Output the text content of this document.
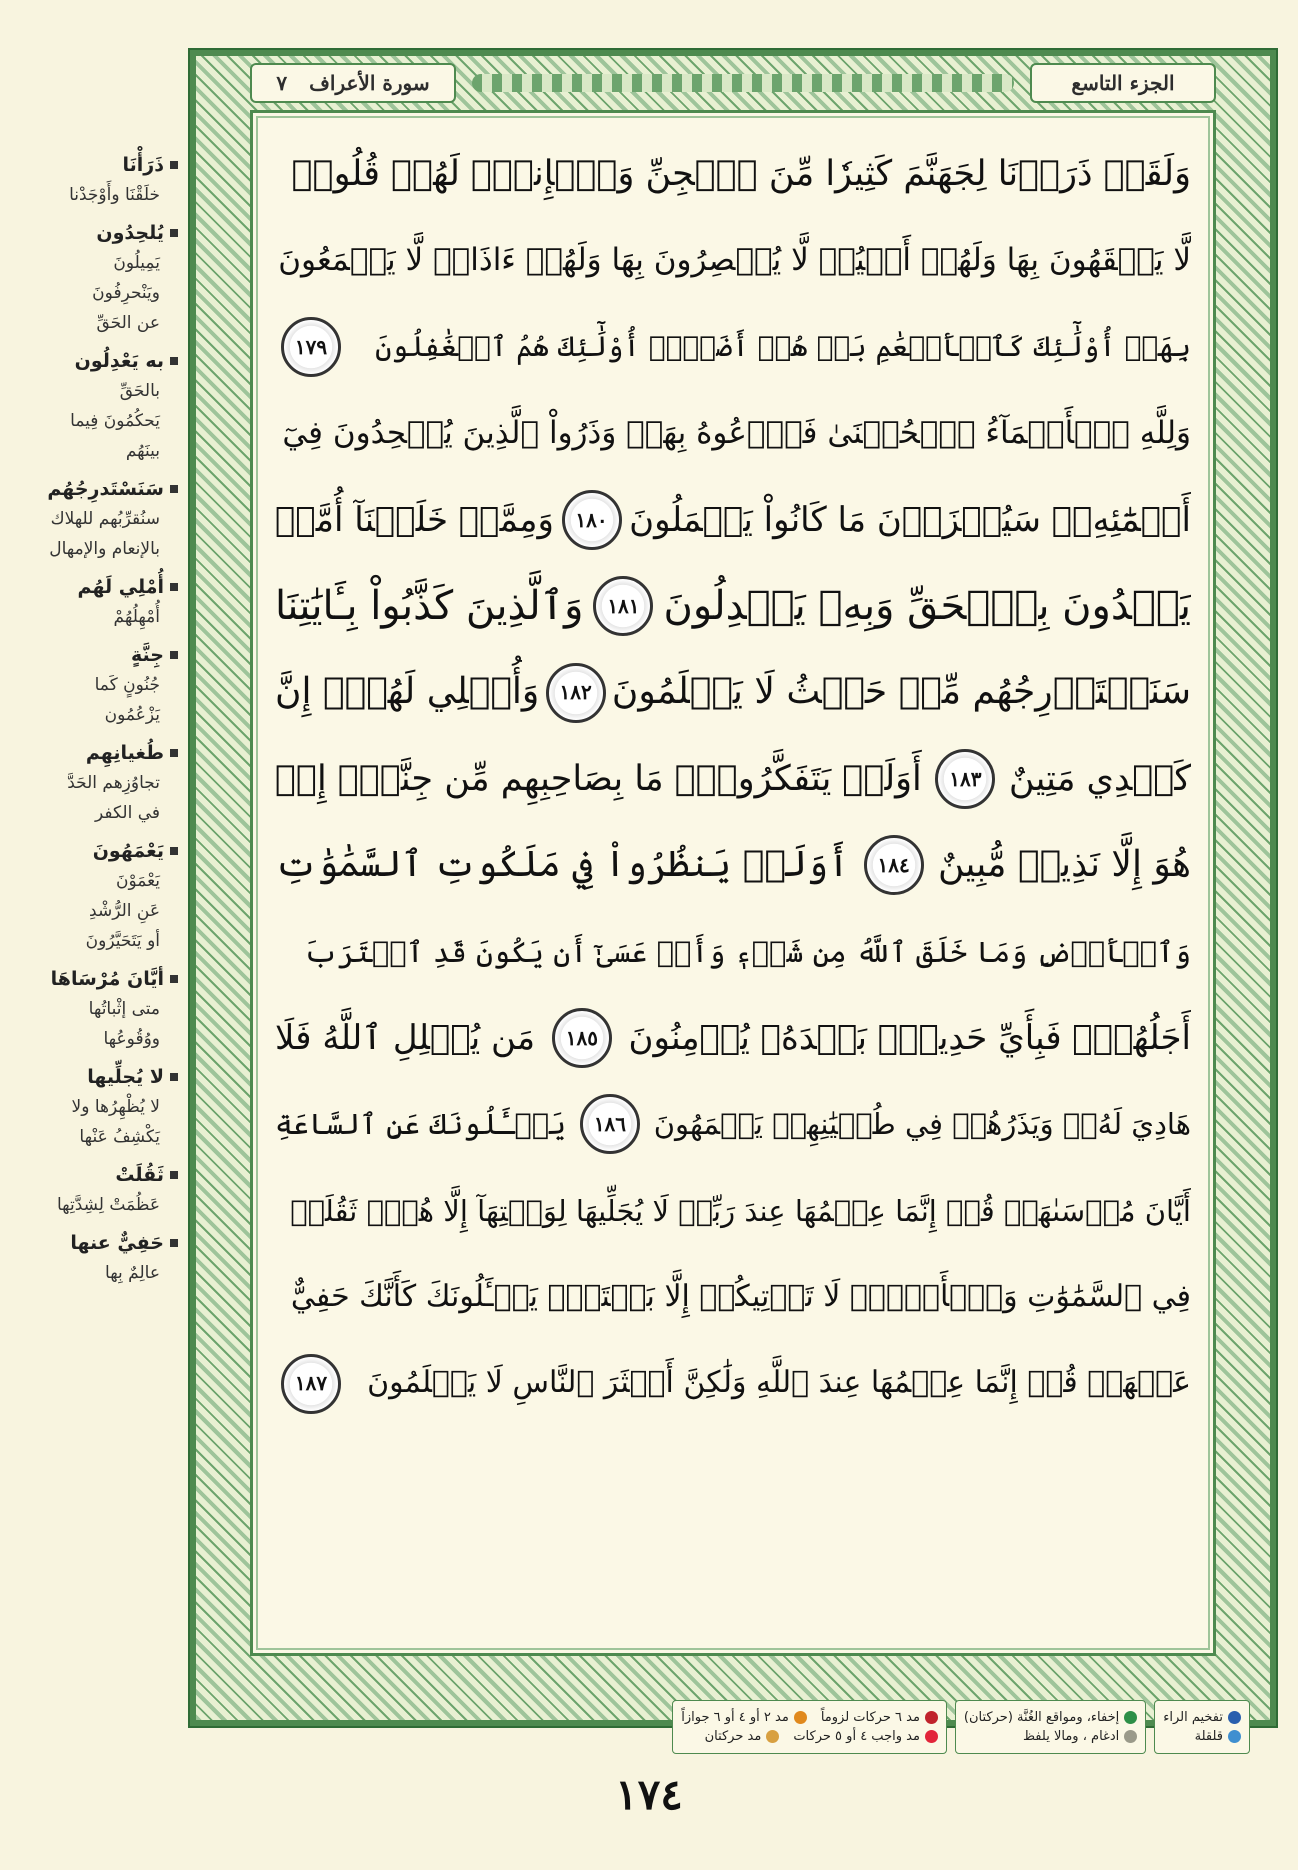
ذَرَأْنَا
خلَقْنَا وأَوْجَدْنا
يُلحِدُون
يَمِيلُونَ
ويَنْحرِفُونَ
عن الحَقِّ
به يَعْدِلُون
بالحَقِّ
يَحكُمُونَ فِيما
بينَهُم
سَنَسْتَدرِجُهُم
سنُقرِّبُهم للهلاك
بالإنعام والإمهال
أُمْلِي لَهُم
أُمْهِلُهُمْ
جِنَّةٍ
جُنُونٍ كَما
يَزْعُمُون
طُغيانِهِم
تجاوُزِهم الحَدَّ
في الكفر
يَعْمَهُونَ
يَعْمَوْنَ
عَنِ الرُّشْدِ
أو يَتَحَيَّرُونَ
أيَّانَ مُرْسَاهَا
متى إثْباتُها
ووُقُوعُها
لا يُجلِّيها
لا يُظْهِرُها ولا
يَكْشِفُ عَنْها
ثَقُلَتْ
عَظُمَتْ لِشِدَّتِها
حَفِيٌّ عنها
عالِمٌ بِها
الجزء التاسع
سورة الأعراف
٧
وَلَقَدۡ ذَرَأۡنَا لِجَهَنَّمَ كَثِيرٗا مِّنَ ٱلۡجِنِّ وَٱلۡإِنسِۖ لَهُمۡ قُلُوبٞ
لَّا يَفۡقَهُونَ بِهَا وَلَهُمۡ أَعۡيُنٞ لَّا يُبۡصِرُونَ بِهَا وَلَهُمۡ ءَاذَانٞ لَّا يَسۡمَعُونَ
بِهَآۚ أُوْلَٰٓئِكَ كَٱلۡأَنۡعَٰمِ بَلۡ هُمۡ أَضَلُّۚ أُوْلَٰٓئِكَ هُمُ ٱلۡغَٰفِلُونَ
١٧٩
وَلِلَّهِ ٱلۡأَسۡمَآءُ ٱلۡحُسۡنَىٰ فَٱدۡعُوهُ بِهَاۖ وَذَرُواْ ٱلَّذِينَ يُلۡحِدُونَ فِيٓ
أَسۡمَٰٓئِهِۦۚ سَيُجۡزَوۡنَ مَا كَانُواْ يَعۡمَلُونَ
١٨٠
وَمِمَّنۡ خَلَقۡنَآ أُمَّةٞ
يَهۡدُونَ بِٱلۡحَقِّ وَبِهِۦ يَعۡدِلُونَ
١٨١
وَٱلَّذِينَ كَذَّبُواْ بِـَٔايَٰتِنَا
سَنَسۡتَدۡرِجُهُم مِّنۡ حَيۡثُ لَا يَعۡلَمُونَ
١٨٢
وَأُمۡلِي لَهُمۡۚ إِنَّ
كَيۡدِي مَتِينٌ
١٨٣
أَوَلَمۡ يَتَفَكَّرُواْۗ مَا بِصَاحِبِهِم مِّن جِنَّةٍۚ إِنۡ
هُوَ إِلَّا نَذِيرٞ مُّبِينٌ
١٨٤
أَوَلَمۡ يَنظُرُواْ فِي مَلَكُوتِ ٱلسَّمَٰوَٰتِ
وَٱلۡأَرۡضِ وَمَا خَلَقَ ٱللَّهُ مِن شَيۡءٖ وَأَنۡ عَسَىٰٓ أَن يَكُونَ قَدِ ٱقۡتَرَبَ
أَجَلُهُمۡۖ فَبِأَيِّ حَدِيثِۭ بَعۡدَهُۥ يُؤۡمِنُونَ
١٨٥
مَن يُضۡلِلِ ٱللَّهُ فَلَا
هَادِيَ لَهُۥۚ وَيَذَرُهُمۡ فِي طُغۡيَٰنِهِمۡ يَعۡمَهُونَ
١٨٦
يَسۡـَٔلُونَكَ عَنِ ٱلسَّاعَةِ
أَيَّانَ مُرۡسَىٰهَاۖ قُلۡ إِنَّمَا عِلۡمُهَا عِندَ رَبِّيۖ لَا يُجَلِّيهَا لِوَقۡتِهَآ إِلَّا هُوَۚ ثَقُلَتۡ
فِي ٱلسَّمَٰوَٰتِ وَٱلۡأَرۡضِۚ لَا تَأۡتِيكُمۡ إِلَّا بَغۡتَةٗۗ يَسۡـَٔلُونَكَ كَأَنَّكَ حَفِيٌّ
عَنۡهَاۖ قُلۡ إِنَّمَا عِلۡمُهَا عِندَ ٱللَّهِ وَلَٰكِنَّ أَكۡثَرَ ٱلنَّاسِ لَا يَعۡلَمُونَ
١٨٧
تفخيم الراء
قلقلة
إخفاء، ومواقع الغُنَّة (حركتان)
ادغام ، ومالا يلفظ
مد ٦ حركات لزوماً
مد ٢ أو ٤ أو ٦ جوازاً
مد واجب ٤ أو ٥ حركات
مد حركتان
١٧٤
